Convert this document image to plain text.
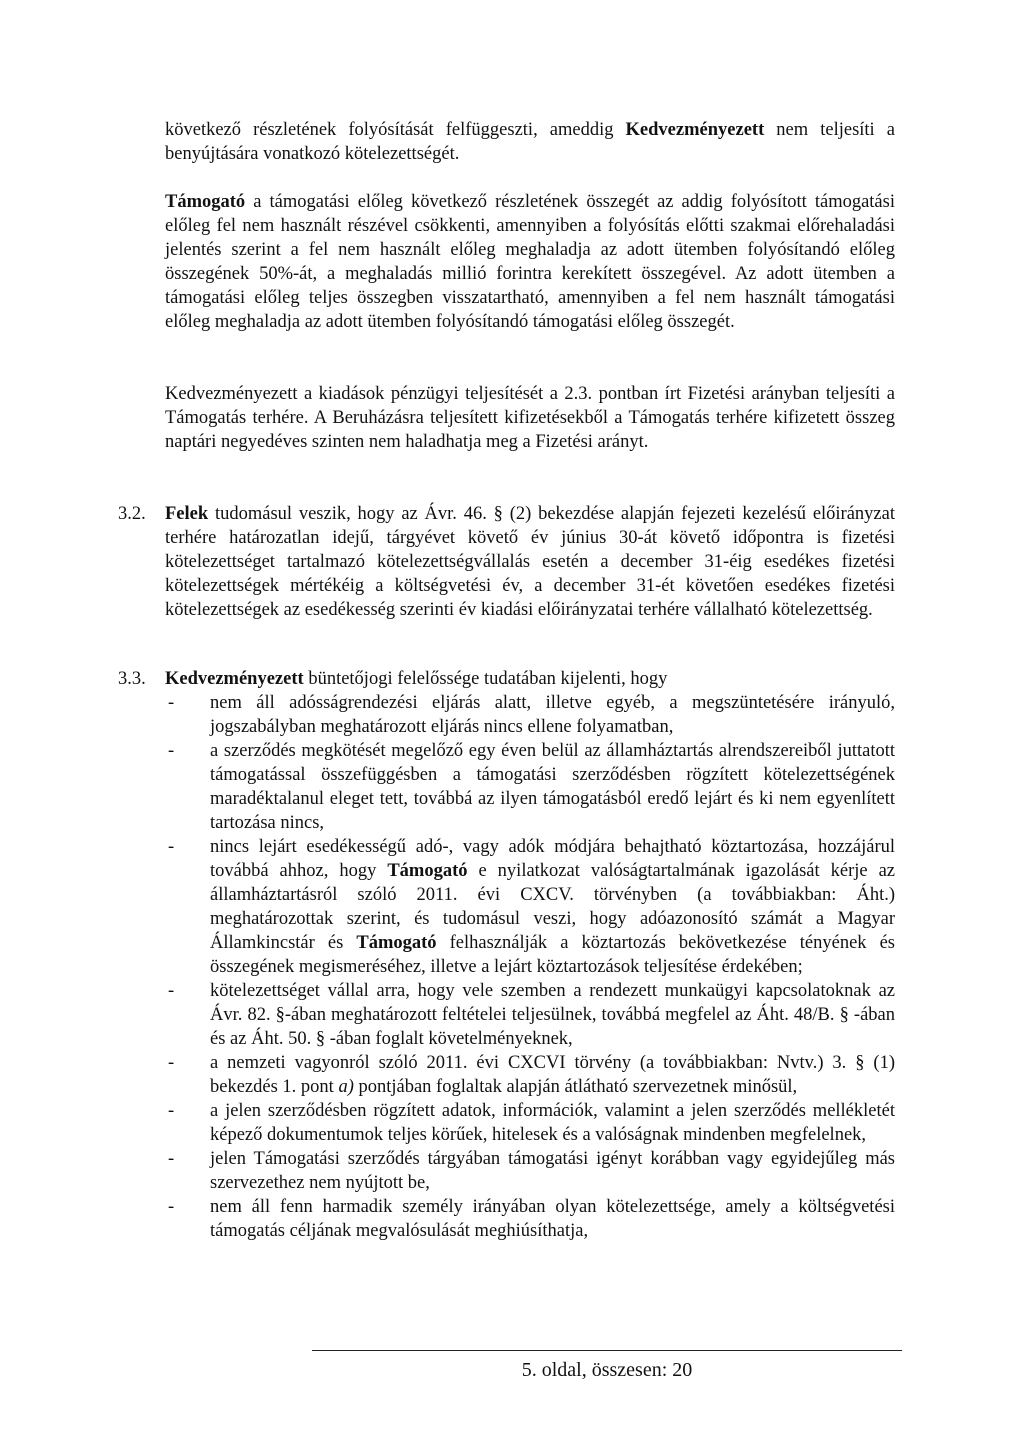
következő részletének folyósítását felfüggeszti, ameddig Kedvezményezett nem teljesíti a benyújtására vonatkozó kötelezettségét.

Támogató a támogatási előleg következő részletének összegét az addig folyósított támogatási előleg fel nem használt részével csökkenti, amennyiben a folyósítás előtti szakmai előrehaladási jelentés szerint a fel nem használt előleg meghaladja az adott ütemben folyósítandó előleg összegének 50%-át, a meghaladás millió forintra kerekített összegével. Az adott ütemben a támogatási előleg teljes összegben visszatartható, amennyiben a fel nem használt támogatási előleg meghaladja az adott ütemben folyósítandó támogatási előleg összegét.

Kedvezményezett a kiadások pénzügyi teljesítését a 2.3. pontban írt Fizetési arányban teljesíti a Támogatás terhére. A Beruházásra teljesített kifizetésekből a Támogatás terhére kifizetett összeg naptári negyedéves szinten nem haladhatja meg a Fizetési arányt.

3.2. Felek tudomásul veszik, hogy az Ávr. 46. § (2) bekezdése alapján fejezeti kezelésű előirányzat terhére határozatlan idejű, tárgyévet követő év június 30-át követő időpontra is fizetési kötelezettséget tartalmazó kötelezettségvállalás esetén a december 31-éig esedékes fizetési kötelezettségek mértékéig a költségvetési év, a december 31-ét követően esedékes fizetési kötelezettségek az esedékesség szerinti év kiadási előirányzatai terhére vállalható kötelezettség.

3.3. Kedvezményezett büntetőjogi felelőssége tudatában kijelenti, hogy

- nem áll adósságrendezési eljárás alatt, illetve egyéb, a megszüntetésére irányuló, jogszabályban meghatározott eljárás nincs ellene folyamatban,
- a szerződés megkötését megelőző egy éven belül az államháztartás alrendszereiből juttatott támogatással összefüggésben a támogatási szerződésben rögzített kötelezettségének maradéktalanul eleget tett, továbbá az ilyen támogatásból eredő lejárt és ki nem egyenlített tartozása nincs,
- nincs lejárt esedékességű adó-, vagy adók módjára behajtható köztartozása, hozzájárul továbbá ahhoz, hogy Támogató e nyilatkozat valóságtartalmának igazolását kérje az államháztartásról szóló 2011. évi CXCV. törvényben (a továbbiakban: Áht.) meghatározottak szerint, és tudomásul veszi, hogy adóazonosító számát a Magyar Államkincstár és Támogató felhasználják a köztartozás bekövetkezése tényének és összegének megismeréséhez, illetve a lejárt köztartozások teljesítése érdekében;
- kötelezettséget vállal arra, hogy vele szemben a rendezett munkaügyi kapcsolatoknak az Ávr. 82. §-ában meghatározott feltételei teljesülnek, továbbá megfelel az Áht. 48/B. § -ában és az Áht. 50. § -ában foglalt követelményeknek,
- a nemzeti vagyonról szóló 2011. évi CXCVI törvény (a továbbiakban: Nvtv.) 3. § (1) bekezdés 1. pont a) pontjában foglaltak alapján átlátható szervezetnek minősül,
- a jelen szerződésben rögzített adatok, információk, valamint a jelen szerződés mellékletét képező dokumentumok teljes körűek, hitelesek és a valóságnak mindenben megfelelnek,
- jelen Támogatási szerződés tárgyában támogatási igényt korábban vagy egyidejűleg más szervezethez nem nyújtott be,
- nem áll fenn harmadik személy irányában olyan kötelezettsége, amely a költségvetési támogatás céljának megvalósulását meghiúsíthatja,
5. oldal, összesen: 20
